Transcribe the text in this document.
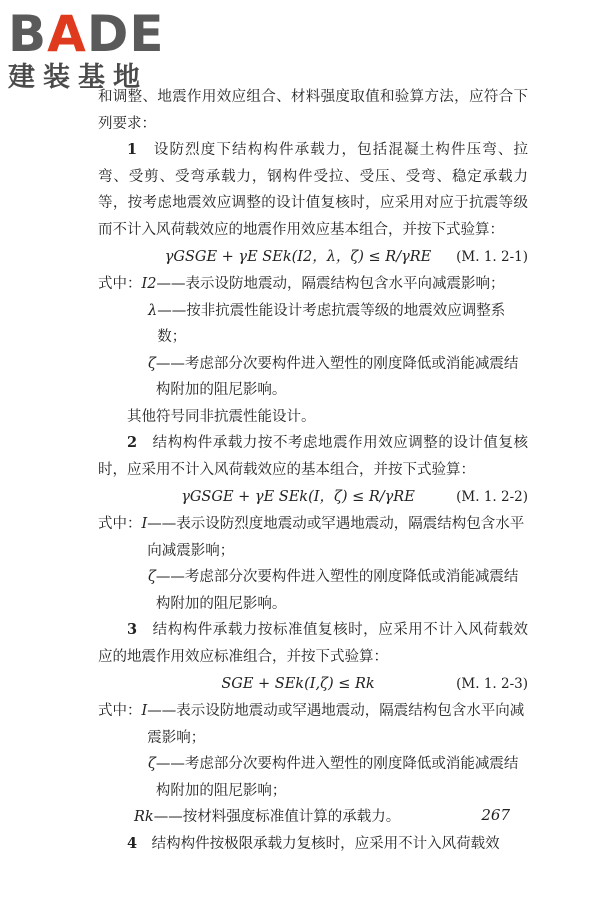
BADE
建装基地

和调整、地震作用效应组合、材料强度取值和验算方法，应符合下列要求：

1　 设防烈度下结构构件承载力，包括混凝土构件压弯、拉弯、受剪、受弯承载力，钢构件受拉、受压、受弯、稳定承载力等，按考虑地震效应调整的设计值复核时，应采用对应于抗震等级而不计入风荷载效应的地震作用效应基本组合，并按下式验算：

γGSGE + γE SEk(I2，λ，ζ) ≤ R/γRE	(M. 1. 2-1)
式中： I2 ——表示设防地震动，隔震结构包含水平向减震影响；
λ ——按非抗震性能设计考虑抗震等级的地震效应调整系数；
ζ ——考虑部分次要构件进入塑性的刚度降低或消能减震结构附加的阻尼影响。

其他符号同非抗震性能设计。

2　 结构构件承载力按不考虑地震作用效应调整的设计值复核时，应采用不计入风荷载效应的基本组合，并按下式验算：

γGSGE + γE SEk(I，ζ) ≤ R/γRE	(M. 1. 2-2)
式中： I ——表示设防烈度地震动或罕遇地震动，隔震结构包含水平向减震影响；
ζ ——考虑部分次要构件进入塑性的刚度降低或消能减震结构附加的阻尼影响。

3　 结构构件承载力按标准值复核时，应采用不计入风荷载效应的地震作用效应标准组合，并按下式验算：

SGE + SEk(I,ζ) ≤ Rk	(M. 1. 2-3)
式中： I ——表示设防地震动或罕遇地震动，隔震结构包含水平向减震影响；
ζ ——考虑部分次要构件进入塑性的刚度降低或消能减震结构附加的阻尼影响；
Rk ——按材料强度标准值计算的承载力。

4　 结构构件按极限承载力复核时，应采用不计入风荷载效

267
